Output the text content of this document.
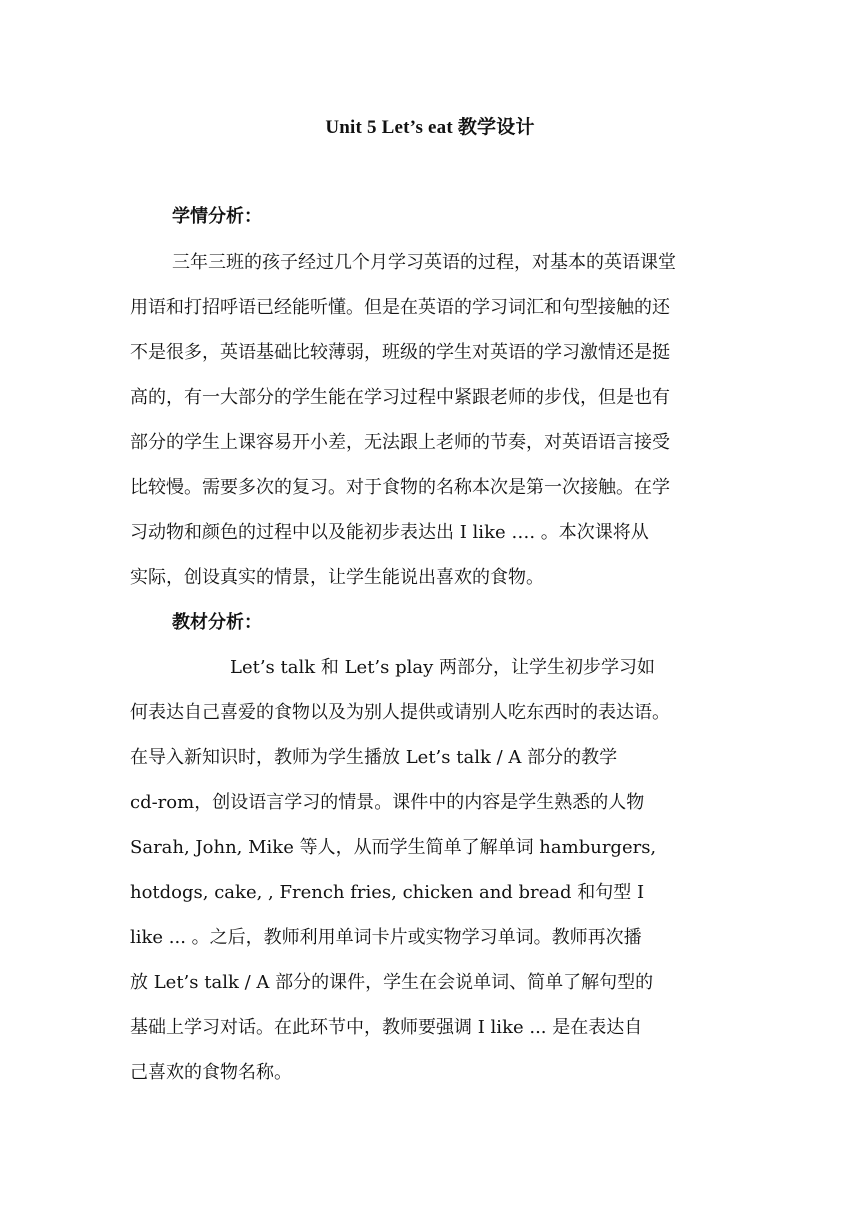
Unit 5 Let’s eat 教学设计
学情分析：
三年三班的孩子经过几个月学习英语的过程，对基本的英语课堂
用语和打招呼语已经能听懂。但是在英语的学习词汇和句型接触的还
不是很多，英语基础比较薄弱，班级的学生对英语的学习激情还是挺
高的，有一大部分的学生能在学习过程中紧跟老师的步伐，但是也有
部分的学生上课容易开小差，无法跟上老师的节奏，对英语语言接受
比较慢。需要多次的复习。对于食物的名称本次是第一次接触。在学
习动物和颜色的过程中以及能初步表达出 I like …. 。本次课将从
实际，创设真实的情景，让学生能说出喜欢的食物。
教材分析：
Let’s talk 和 Let’s play 两部分，让学生初步学习如
何表达自己喜爱的食物以及为别人提供或请别人吃东西时的表达语。
在导入新知识时，教师为学生播放 Let’s talk / A 部分的教学
cd-rom，创设语言学习的情景。课件中的内容是学生熟悉的人物
Sarah, John, Mike 等人，从而学生简单了解单词 hamburgers,
hotdogs, cake, , French fries, chicken and bread 和句型 I
like ... 。之后，教师利用单词卡片或实物学习单词。教师再次播
放 Let’s talk / A 部分的课件，学生在会说单词、简单了解句型的
基础上学习对话。在此环节中，教师要强调 I like ... 是在表达自
己喜欢的食物名称。
